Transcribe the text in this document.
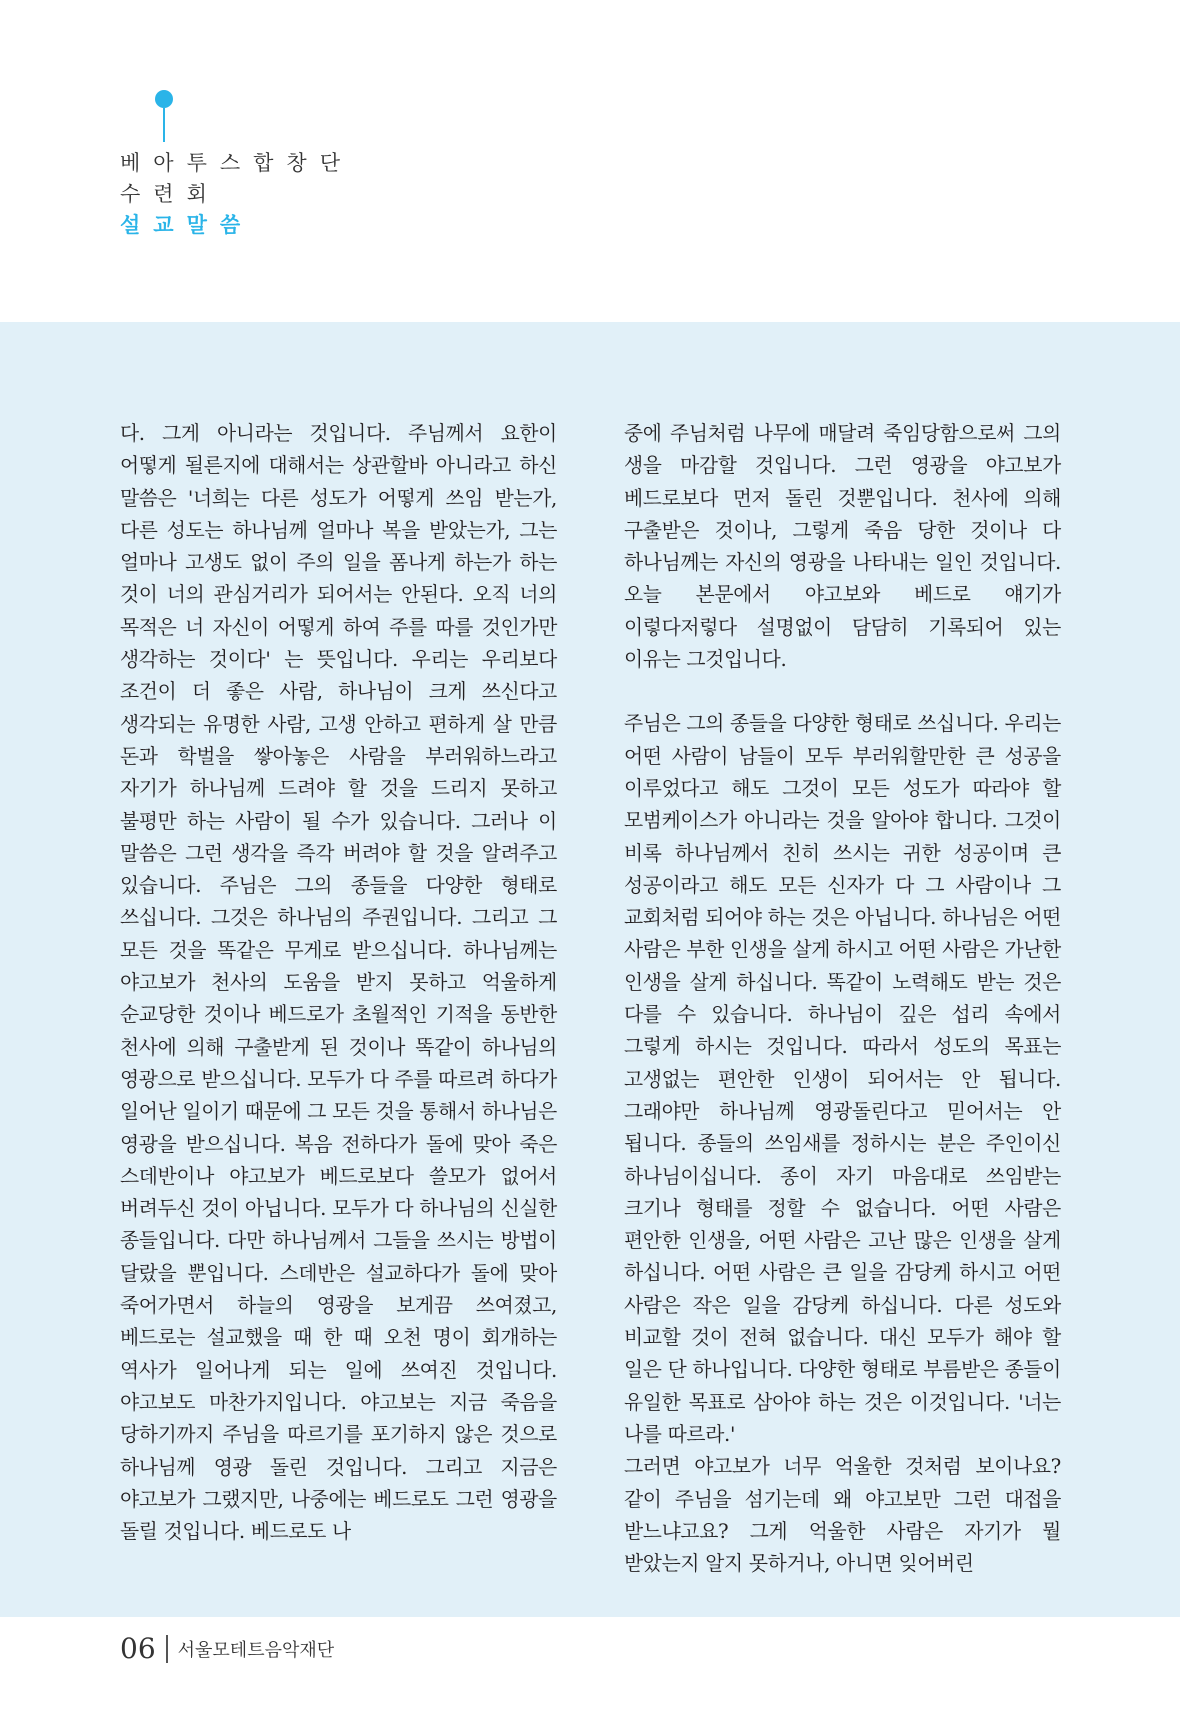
베아투스합창단
수련회
설교말씀

다. 그게 아니라는 것입니다. 주님께서 요한이 어떻게 될른지에 대해서는 상관할바 아니라고 하신 말씀은 '너희는 다른 성도가 어떻게 쓰임 받는가, 다른 성도는 하나님께 얼마나 복을 받았는가, 그는 얼마나 고생도 없이 주의 일을 폼나게 하는가 하는 것이 너의 관심거리가 되어서는 안된다. 오직 너의 목적은 너 자신이 어떻게 하여 주를 따를 것인가만 생각하는 것이다' 는 뜻입니다. 우리는 우리보다 조건이 더 좋은 사람, 하나님이 크게 쓰신다고 생각되는 유명한 사람, 고생 안하고 편하게 살 만큼 돈과 학벌을 쌓아놓은 사람을 부러워하느라고 자기가 하나님께 드려야 할 것을 드리지 못하고 불평만 하는 사람이 될 수가 있습니다. 그러나 이 말씀은 그런 생각을 즉각 버려야 할 것을 알려주고 있습니다. 주님은 그의 종들을 다양한 형태로 쓰십니다. 그것은 하나님의 주권입니다. 그리고 그 모든 것을 똑같은 무게로 받으십니다. 하나님께는 야고보가 천사의 도움을 받지 못하고 억울하게 순교당한 것이나 베드로가 초월적인 기적을 동반한 천사에 의해 구출받게 된 것이나 똑같이 하나님의 영광으로 받으십니다. 모두가 다 주를 따르려 하다가 일어난 일이기 때문에 그 모든 것을 통해서 하나님은 영광을 받으십니다. 복음 전하다가 돌에 맞아 죽은 스데반이나 야고보가 베드로보다 쓸모가 없어서 버려두신 것이 아닙니다. 모두가 다 하나님의 신실한 종들입니다. 다만 하나님께서 그들을 쓰시는 방법이 달랐을 뿐입니다. 스데반은 설교하다가 돌에 맞아 죽어가면서 하늘의 영광을 보게끔 쓰여졌고, 베드로는 설교했을 때 한 때 오천 명이 회개하는 역사가 일어나게 되는 일에 쓰여진 것입니다. 야고보도 마찬가지입니다. 야고보는 지금 죽음을 당하기까지 주님을 따르기를 포기하지 않은 것으로 하나님께 영광 돌린 것입니다. 그리고 지금은 야고보가 그랬지만, 나중에는 베드로도 그런 영광을 돌릴 것입니다. 베드로도 나

중에 주님처럼 나무에 매달려 죽임당함으로써 그의 생을 마감할 것입니다. 그런 영광을 야고보가 베드로보다 먼저 돌린 것뿐입니다. 천사에 의해 구출받은 것이나, 그렇게 죽음 당한 것이나 다 하나님께는 자신의 영광을 나타내는 일인 것입니다. 오늘 본문에서 야고보와 베드로 얘기가 이렇다저렇다 설명없이 담담히 기록되어 있는 이유는 그것입니다.

주님은 그의 종들을 다양한 형태로 쓰십니다. 우리는 어떤 사람이 남들이 모두 부러워할만한 큰 성공을 이루었다고 해도 그것이 모든 성도가 따라야 할 모범케이스가 아니라는 것을 알아야 합니다. 그것이 비록 하나님께서 친히 쓰시는 귀한 성공이며 큰 성공이라고 해도 모든 신자가 다 그 사람이나 그 교회처럼 되어야 하는 것은 아닙니다. 하나님은 어떤 사람은 부한 인생을 살게 하시고 어떤 사람은 가난한 인생을 살게 하십니다. 똑같이 노력해도 받는 것은 다를 수 있습니다. 하나님이 깊은 섭리 속에서 그렇게 하시는 것입니다. 따라서 성도의 목표는 고생없는 편안한 인생이 되어서는 안 됩니다. 그래야만 하나님께 영광돌린다고 믿어서는 안 됩니다. 종들의 쓰임새를 정하시는 분은 주인이신 하나님이십니다. 종이 자기 마음대로 쓰임받는 크기나 형태를 정할 수 없습니다. 어떤 사람은 편안한 인생을, 어떤 사람은 고난 많은 인생을 살게 하십니다. 어떤 사람은 큰 일을 감당케 하시고 어떤 사람은 작은 일을 감당케 하십니다. 다른 성도와 비교할 것이 전혀 없습니다. 대신 모두가 해야 할 일은 단 하나입니다. 다양한 형태로 부름받은 종들이 유일한 목표로 삼아야 하는 것은 이것입니다. '너는 나를 따르라.'

그러면 야고보가 너무 억울한 것처럼 보이나요? 같이 주님을 섬기는데 왜 야고보만 그런 대접을 받느냐고요? 그게 억울한 사람은 자기가 뭘 받았는지 알지 못하거나, 아니면 잊어버린

06 서울모테트음악재단
